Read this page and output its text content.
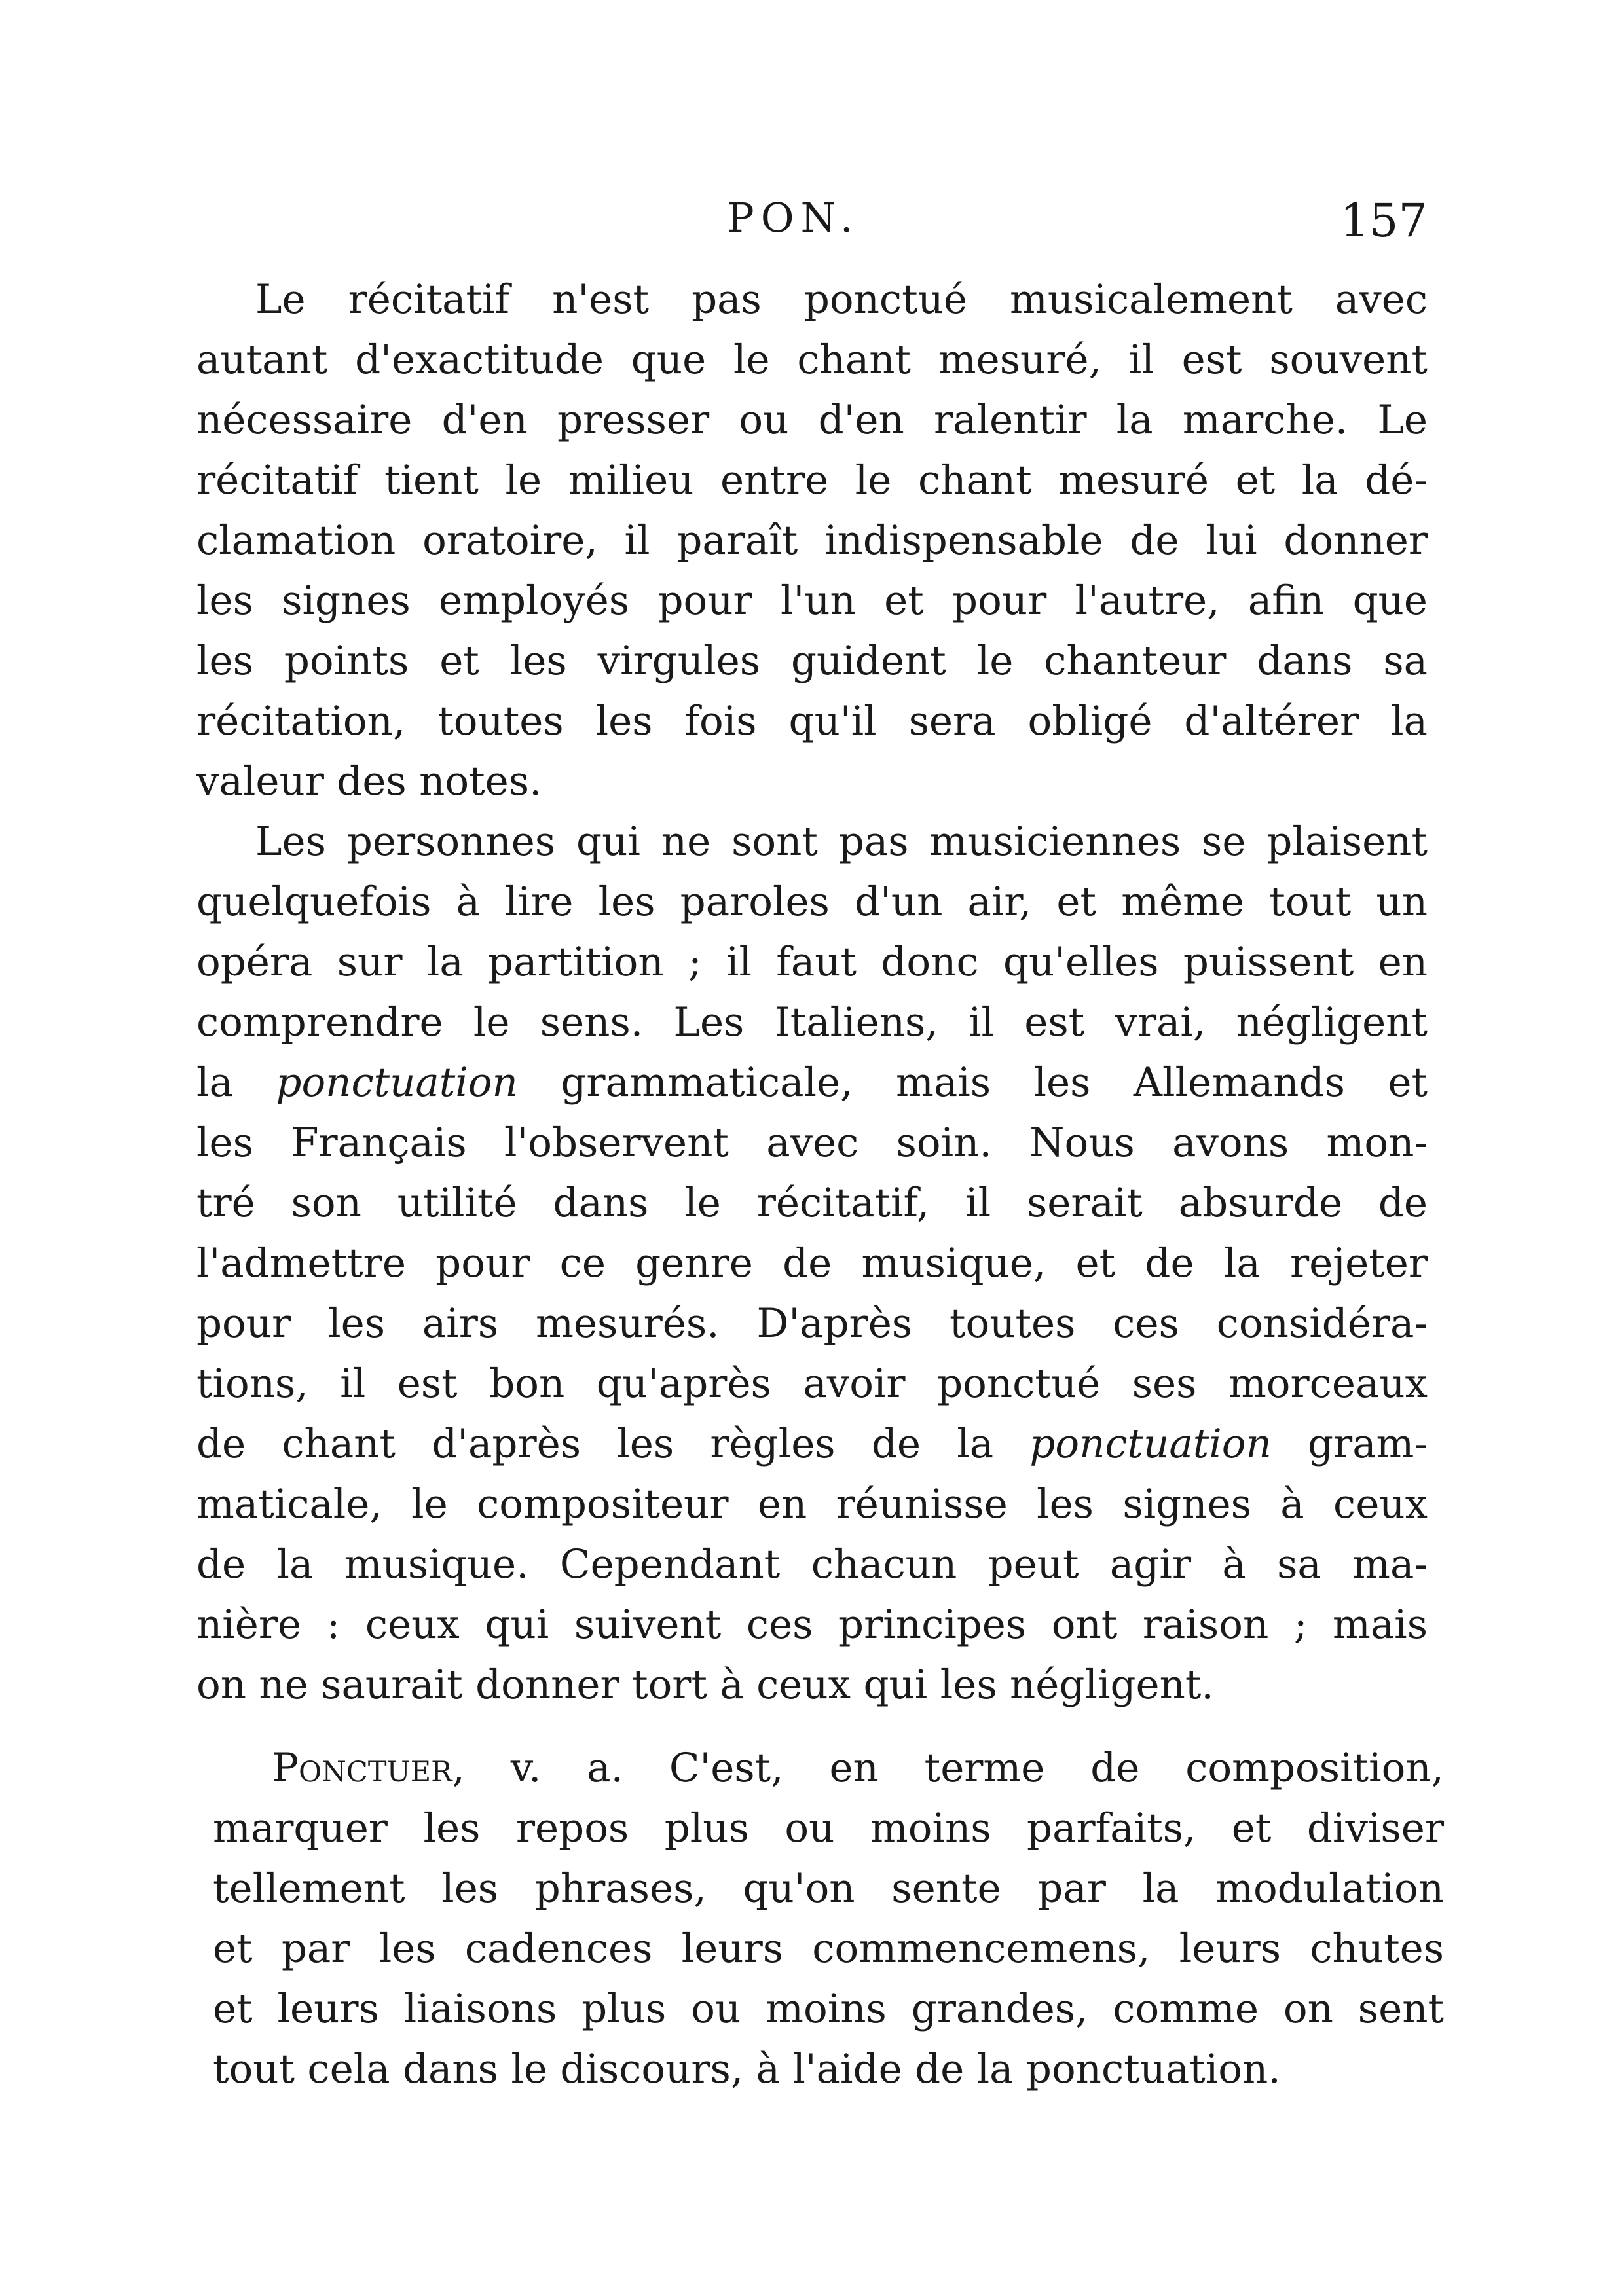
PON.	157
Le récitatif n'est pas ponctué musicalement avec
autant d'exactitude que le chant mesuré, il est souvent
nécessaire d'en presser ou d'en ralentir la marche. Le
récitatif tient le milieu entre le chant mesuré et la dé-
clamation oratoire, il paraît indispensable de lui donner
les signes employés pour l'un et pour l'autre, afin que
les points et les virgules guident le chanteur dans sa
récitation, toutes les fois qu'il sera obligé d'altérer la
valeur des notes.
Les personnes qui ne sont pas musiciennes se plaisent
quelquefois à lire les paroles d'un air, et même tout un
opéra sur la partition ; il faut donc qu'elles puissent en
comprendre le sens. Les Italiens, il est vrai, négligent
la ponctuation grammaticale, mais les Allemands et
les Français l'observent avec soin. Nous avons mon-
tré son utilité dans le récitatif, il serait absurde de
l'admettre pour ce genre de musique, et de la rejeter
pour les airs mesurés. D'après toutes ces considéra-
tions, il est bon qu'après avoir ponctué ses morceaux
de chant d'après les règles de la ponctuation gram-
maticale, le compositeur en réunisse les signes à ceux
de la musique. Cependant chacun peut agir à sa ma-
nière : ceux qui suivent ces principes ont raison ; mais
on ne saurait donner tort à ceux qui les négligent.
Ponctuer, v. a. C'est, en terme de composition,
marquer les repos plus ou moins parfaits, et diviser
tellement les phrases, qu'on sente par la modulation
et par les cadences leurs commencemens, leurs chutes
et leurs liaisons plus ou moins grandes, comme on sent
tout cela dans le discours, à l'aide de la ponctuation.
